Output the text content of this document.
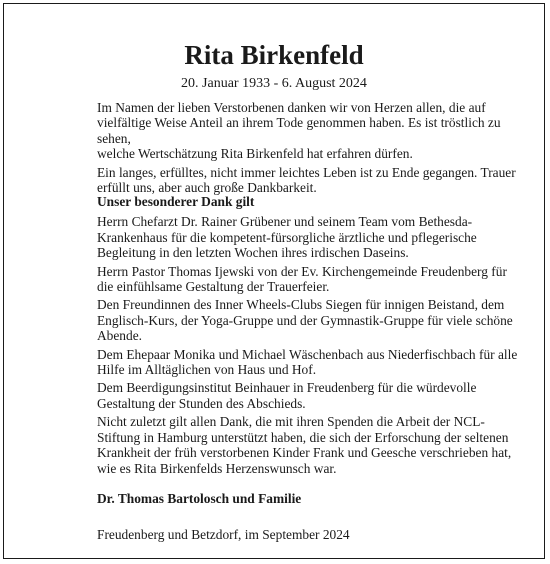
Rita Birkenfeld
20. Januar 1933 - 6. August 2024

Im Namen der lieben Verstorbenen danken wir von Herzen allen, die auf
vielfältige Weise Anteil an ihrem Tode genommen haben. Es ist tröstlich zu sehen,
welche Wertschätzung Rita Birkenfeld hat erfahren dürfen.

Ein langes, erfülltes, nicht immer leichtes Leben ist zu Ende gegangen. Trauer
erfüllt uns, aber auch große Dankbarkeit.

Unser besonderer Dank gilt

Herrn Chefarzt Dr. Rainer Grübener und seinem Team vom Bethesda-
Krankenhaus für die kompetent-fürsorgliche ärztliche und pflegerische
Begleitung in den letzten Wochen ihres irdischen Daseins.

Herrn Pastor Thomas Ijewski von der Ev. Kirchengemeinde Freudenberg für
die einfühlsame Gestaltung der Trauerfeier.

Den Freundinnen des Inner Wheels-Clubs Siegen für innigen Beistand, dem
Englisch-Kurs, der Yoga-Gruppe und der Gymnastik-Gruppe für viele schöne
Abende.

Dem Ehepaar Monika und Michael Wäschenbach aus Niederfischbach für alle
Hilfe im Alltäglichen von Haus und Hof.

Dem Beerdigungsinstitut Beinhauer in Freudenberg für die würdevolle
Gestaltung der Stunden des Abschieds.

Nicht zuletzt gilt allen Dank, die mit ihren Spenden die Arbeit der NCL-
Stiftung in Hamburg unterstützt haben, die sich der Erforschung der seltenen
Krankheit der früh verstorbenen Kinder Frank und Geesche verschrieben hat,
wie es Rita Birkenfelds Herzenswunsch war.

Dr. Thomas Bartolosch und Familie
Freudenberg und Betzdorf, im September 2024
